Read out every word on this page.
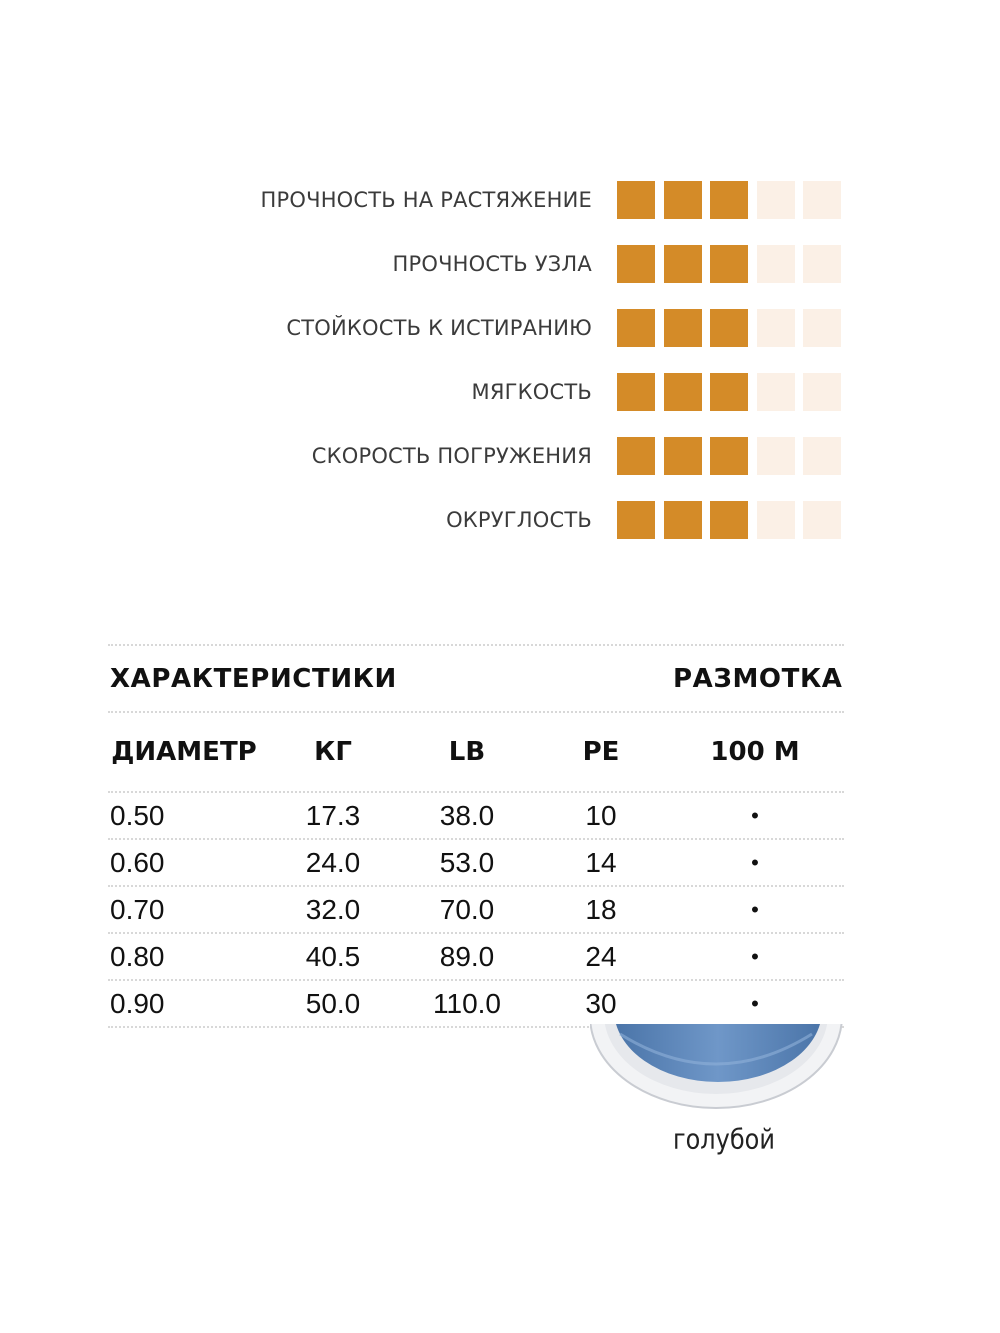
ПРОЧНОСТЬ НА РАСТЯЖЕНИЕ
ПРОЧНОСТЬ УЗЛА
СТОЙКОСТЬ К ИСТИРАНИЮ
МЯГКОСТЬ
СКОРОСТЬ ПОГРУЖЕНИЯ
ОКРУГЛОСТЬ
ХАРАКТЕРИСТИКИ	РАЗМОТКА
ДИАМЕТР КГ	LB	PE	100 М
0.50	17.3	38.0	10	•
0.60	24.0	53.0	14	•
0.70	32.0	70.0	18	•
0.80	40.5	89.0	24	•
0.90	50.0	110.0	30	•
голубой
